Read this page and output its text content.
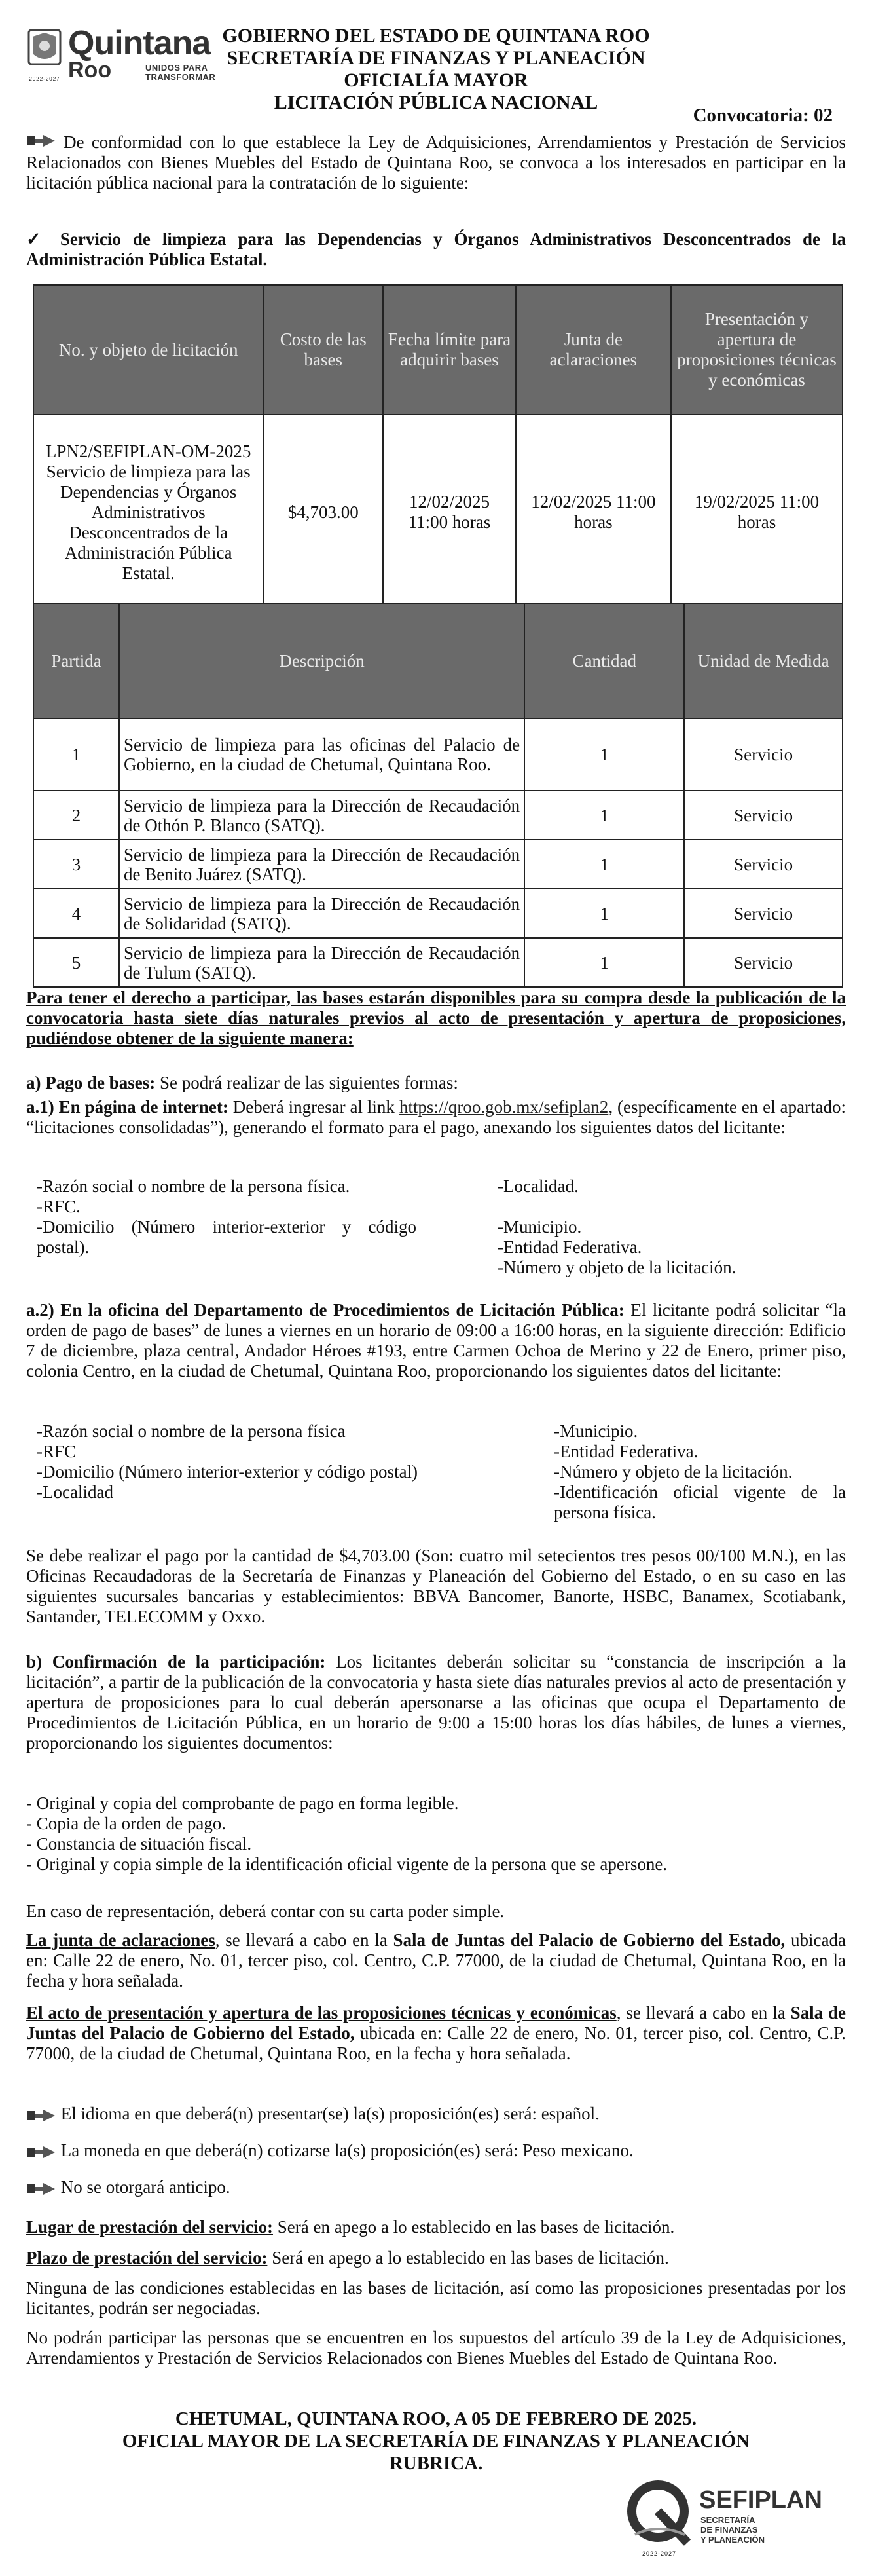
2022-2027
Quintana
Roo	UNIDOS PARA TRANSFORMAR
GOBIERNO DEL ESTADO DE QUINTANA ROO
SECRETARÍA DE FINANZAS Y PLANEACIÓN
OFICIALÍA MAYOR
LICITACIÓN PÚBLICA NACIONAL
Convocatoria: 02
De conformidad con lo que establece la Ley de Adquisiciones, Arrendamientos y Prestación de Servicios Relacionados con Bienes Muebles del Estado de Quintana Roo, se convoca a los interesados en participar en la licitación pública nacional para la contratación de lo siguiente:
✓ Servicio de limpieza para las Dependencias y Órganos Administrativos Desconcentrados de la Administración Pública Estatal.
No. y objeto de licitación	Costo de las bases	Fecha límite para adquirir bases	Junta de aclaraciones	Presentación y apertura de proposiciones técnicas y económicas

LPN2/SEFIPLAN-OM-2025
Servicio de limpieza para las Dependencias y Órganos Administrativos Desconcentrados de la Administración Pública Estatal.	$4,703.00	12/02/2025 11:00 horas	12/02/2025 11:00 horas	19/02/2025 11:00 horas
Partida	Descripción	Cantidad	Unidad de Medida
1	Servicio de limpieza para las oficinas del Palacio de Gobierno, en la ciudad de Chetumal, Quintana Roo.	1	Servicio
2	Servicio de limpieza para la Dirección de Recaudación de Othón P. Blanco (SATQ).	1	Servicio
3	Servicio de limpieza para la Dirección de Recaudación de Benito Juárez (SATQ).	1	Servicio
4	Servicio de limpieza para la Dirección de Recaudación de Solidaridad (SATQ).	1	Servicio
5	Servicio de limpieza para la Dirección de Recaudación de Tulum (SATQ).	1	Servicio
Para tener el derecho a participar, las bases estarán disponibles para su compra desde la publicación de la convocatoria hasta siete días naturales previos al acto de presentación y apertura de proposiciones, pudiéndose obtener de la siguiente manera:
a) Pago de bases: Se podrá realizar de las siguientes formas:
a.1) En página de internet: Deberá ingresar al link https://qroo.gob.mx/sefiplan2, (específicamente en el apartado: “licitaciones consolidadas”), generando el formato para el pago, anexando los siguientes datos del licitante:
-Razón social o nombre de la persona física.
-RFC.
-Domicilio (Número interior-exterior y código postal).
-Localidad.
-Municipio.
-Entidad Federativa.
-Número y objeto de la licitación.
a.2) En la oficina del Departamento de Procedimientos de Licitación Pública: El licitante podrá solicitar “la orden de pago de bases” de lunes a viernes en un horario de 09:00 a 16:00 horas, en la siguiente dirección: Edificio 7 de diciembre, plaza central, Andador Héroes #193, entre Carmen Ochoa de Merino y 22 de Enero, primer piso, colonia Centro, en la ciudad de Chetumal, Quintana Roo, proporcionando los siguientes datos del licitante:
-Razón social o nombre de la persona física
-RFC
-Domicilio (Número interior-exterior y código postal)
-Localidad
-Municipio.
-Entidad Federativa.
-Número y objeto de la licitación.
-Identificación oficial vigente de la persona física.
Se debe realizar el pago por la cantidad de $4,703.00 (Son: cuatro mil setecientos tres pesos 00/100 M.N.), en las Oficinas Recaudadoras de la Secretaría de Finanzas y Planeación del Gobierno del Estado, o en su caso en las siguientes sucursales bancarias y establecimientos: BBVA Bancomer, Banorte, HSBC, Banamex, Scotiabank, Santander, TELECOMM y Oxxo.
b) Confirmación de la participación: Los licitantes deberán solicitar su “constancia de inscripción a la licitación”, a partir de la publicación de la convocatoria y hasta siete días naturales previos al acto de presentación y apertura de proposiciones para lo cual deberán apersonarse a las oficinas que ocupa el Departamento de Procedimientos de Licitación Pública, en un horario de 9:00 a 15:00 horas los días hábiles, de lunes a viernes, proporcionando los siguientes documentos:
- Original y copia del comprobante de pago en forma legible.
- Copia de la orden de pago.
- Constancia de situación fiscal.
- Original y copia simple de la identificación oficial vigente de la persona que se apersone.
En caso de representación, deberá contar con su carta poder simple.
La junta de aclaraciones, se llevará a cabo en la Sala de Juntas del Palacio de Gobierno del Estado, ubicada en: Calle 22 de enero, No. 01, tercer piso, col. Centro, C.P. 77000, de la ciudad de Chetumal, Quintana Roo, en la fecha y hora señalada.
El acto de presentación y apertura de las proposiciones técnicas y económicas, se llevará a cabo en la Sala de Juntas del Palacio de Gobierno del Estado, ubicada en: Calle 22 de enero, No. 01, tercer piso, col. Centro, C.P. 77000, de la ciudad de Chetumal, Quintana Roo, en la fecha y hora señalada.
El idioma en que deberá(n) presentar(se) la(s) proposición(es) será: español.
La moneda en que deberá(n) cotizarse la(s) proposición(es) será: Peso mexicano.
No se otorgará anticipo.
Lugar de prestación del servicio: Será en apego a lo establecido en las bases de licitación.
Plazo de prestación del servicio: Será en apego a lo establecido en las bases de licitación.
Ninguna de las condiciones establecidas en las bases de licitación, así como las proposiciones presentadas por los licitantes, podrán ser negociadas.
No podrán participar las personas que se encuentren en los supuestos del artículo 39 de la Ley de Adquisiciones, Arrendamientos y Prestación de Servicios Relacionados con Bienes Muebles del Estado de Quintana Roo.
CHETUMAL, QUINTANA ROO, A 05 DE FEBRERO DE 2025.
OFICIAL MAYOR DE LA SECRETARÍA DE FINANZAS Y PLANEACIÓN
RUBRICA.
SEFIPLAN
SECRETARÍA
DE FINANZAS
Y PLANEACIÓN
2022-2027
